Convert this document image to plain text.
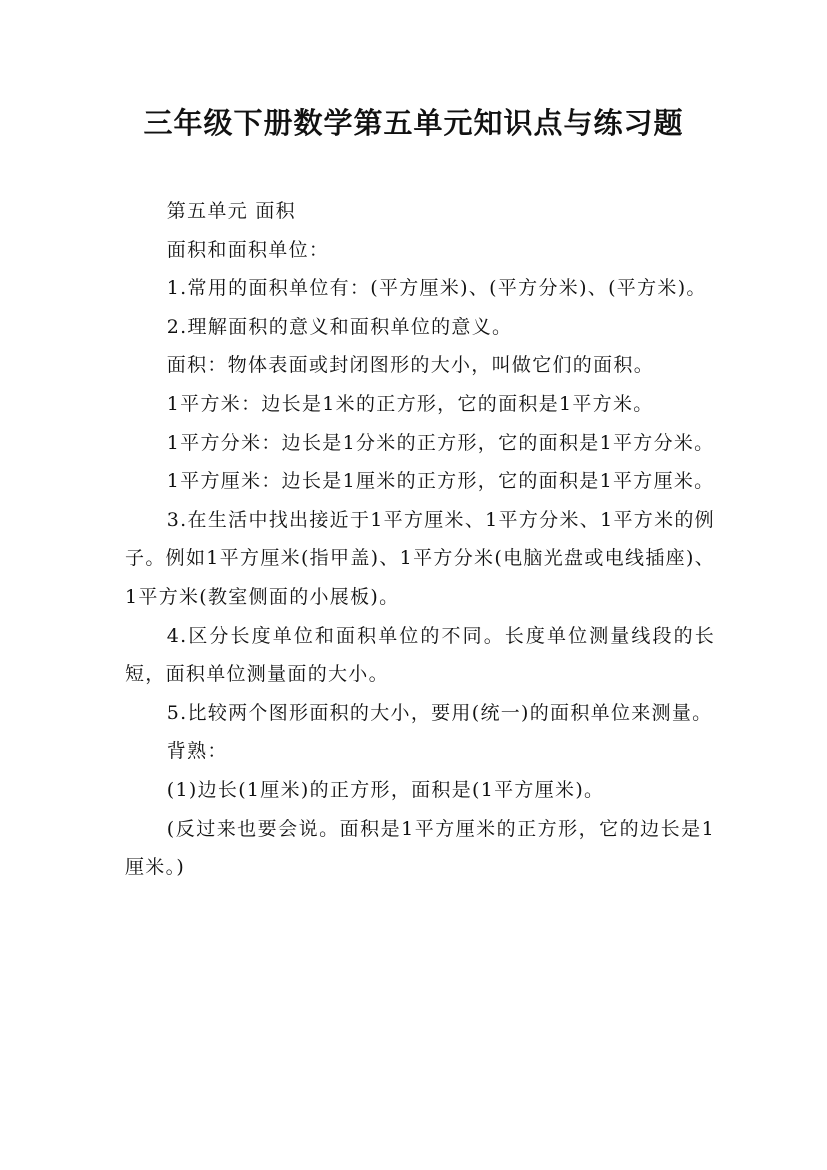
三年级下册数学第五单元知识点与练习题

第五单元 面积

面积和面积单位：

1.常用的面积单位有：(平方厘米)、(平方分米)、(平方米)。

2.理解面积的意义和面积单位的意义。

面积：物体表面或封闭图形的大小，叫做它们的面积。

1平方米：边长是1米的正方形，它的面积是1平方米。

1平方分米：边长是1分米的正方形，它的面积是1平方分米。

1平方厘米：边长是1厘米的正方形，它的面积是1平方厘米。

3.在生活中找出接近于1平方厘米、1平方分米、1平方米的例子。例如1平方厘米(指甲盖)、1平方分米(电脑光盘或电线插座)、1平方米(教室侧面的小展板)。

4.区分长度单位和面积单位的不同。长度单位测量线段的长短，面积单位测量面的大小。

5.比较两个图形面积的大小，要用(统一)的面积单位来测量。

背熟：

(1)边长(1厘米)的正方形，面积是(1平方厘米)。

(反过来也要会说。面积是1平方厘米的正方形，它的边长是1厘米。)
